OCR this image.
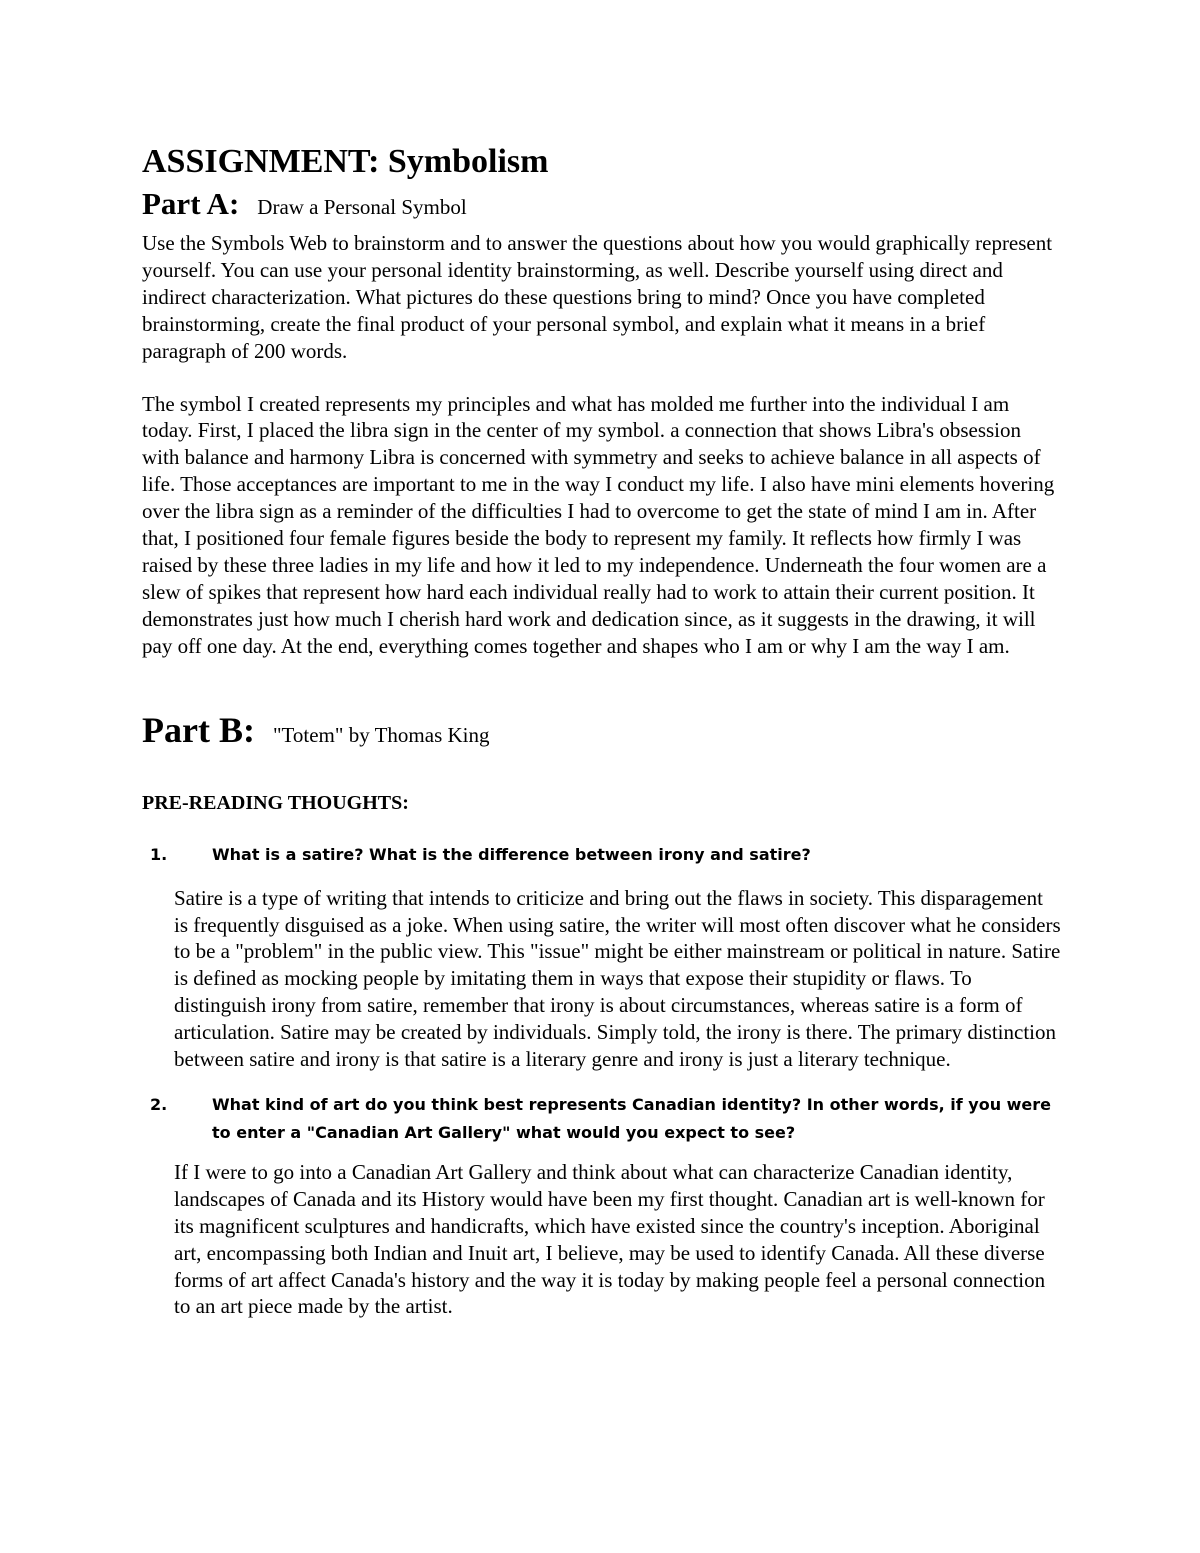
ASSIGNMENT: Symbolism
Part A: Draw a Personal Symbol

Use the Symbols Web to brainstorm and to answer the questions about how you would graphically represent yourself. You can use your personal identity brainstorming, as well. Describe yourself using direct and indirect characterization. What pictures do these questions bring to mind? Once you have completed brainstorming, create the final product of your personal symbol, and explain what it means in a brief paragraph of 200 words.

The symbol I created represents my principles and what has molded me further into the individual I am today. First, I placed the libra sign in the center of my symbol. a connection that shows Libra's obsession with balance and harmony Libra is concerned with symmetry and seeks to achieve balance in all aspects of life. Those acceptances are important to me in the way I conduct my life. I also have mini elements hovering over the libra sign as a reminder of the difficulties I had to overcome to get the state of mind I am in. After that, I positioned four female figures beside the body to represent my family. It reflects how firmly I was raised by these three ladies in my life and how it led to my independence. Underneath the four women are a slew of spikes that represent how hard each individual really had to work to attain their current position. It demonstrates just how much I cherish hard work and dedication since, as it suggests in the drawing, it will pay off one day. At the end, everything comes together and shapes who I am or why I am the way I am.

Part B: "Totem" by Thomas King

PRE-READING THOUGHTS:

1.	What is a satire? What is the difference between irony and satire?

Satire is a type of writing that intends to criticize and bring out the flaws in society. This disparagement is frequently disguised as a joke. When using satire, the writer will most often discover what he considers to be a "problem" in the public view. This "issue" might be either mainstream or political in nature. Satire is defined as mocking people by imitating them in ways that expose their stupidity or flaws. To distinguish irony from satire, remember that irony is about circumstances, whereas satire is a form of articulation. Satire may be created by individuals. Simply told, the irony is there. The primary distinction between satire and irony is that satire is a literary genre and irony is just a literary technique.

2.	What kind of art do you think best represents Canadian identity? In other words, if you were to enter a "Canadian Art Gallery" what would you expect to see?

If I were to go into a Canadian Art Gallery and think about what can characterize Canadian identity, landscapes of Canada and its History would have been my first thought. Canadian art is well-known for its magnificent sculptures and handicrafts, which have existed since the country's inception. Aboriginal art, encompassing both Indian and Inuit art, I believe, may be used to identify Canada. All these diverse forms of art affect Canada's history and the way it is today by making people feel a personal connection to an art piece made by the artist.
